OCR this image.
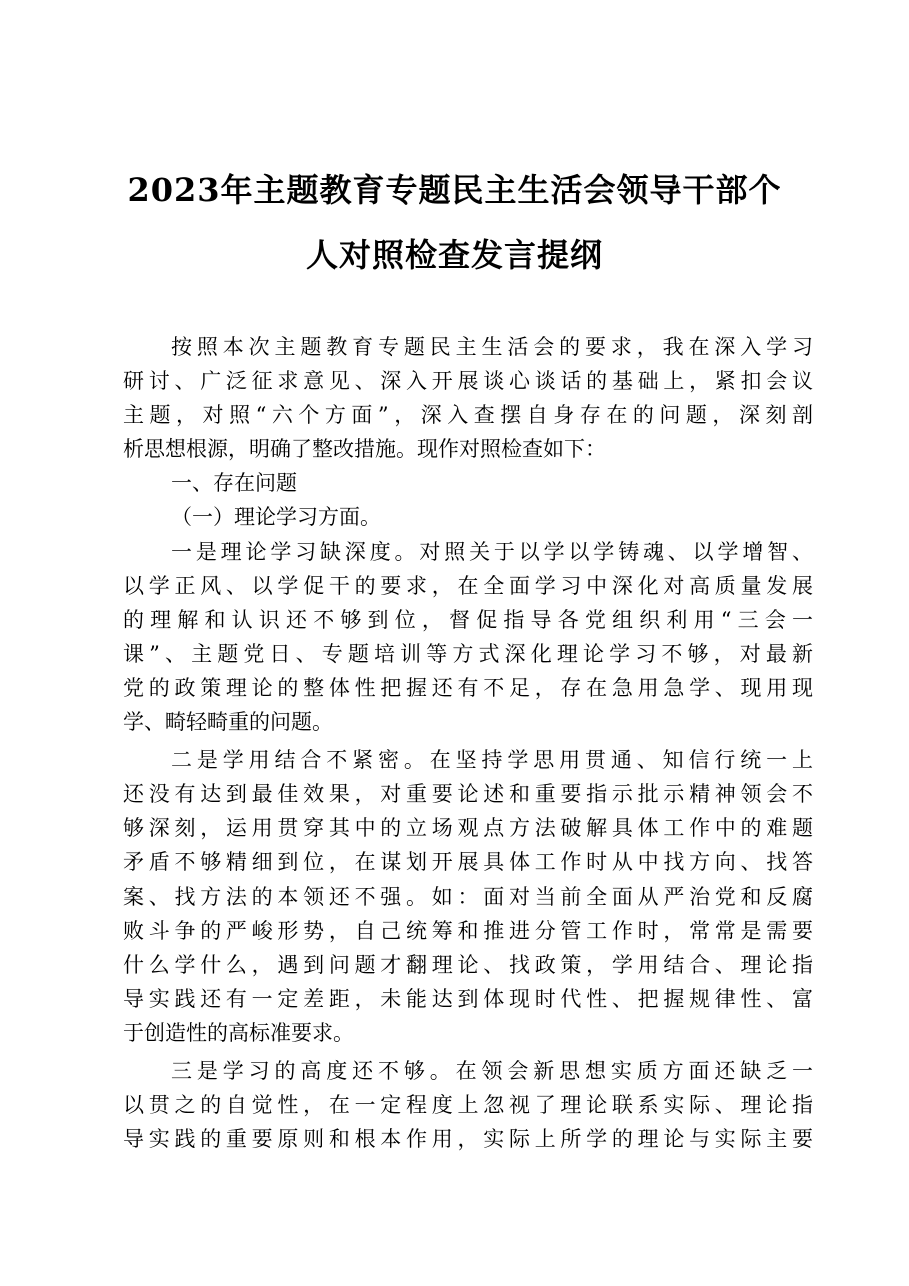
2023年主题教育专题民主生活会领导干部个
人对照检查发言提纲
按照本次主题教育专题民主生活会的要求，我在深入学习
研讨、广泛征求意见、深入开展谈心谈话的基础上，紧扣会议
主题，对照“六个方面”，深入查摆自身存在的问题，深刻剖
析思想根源，明确了整改措施。现作对照检查如下：
一、存在问题
（一）理论学习方面。
一是理论学习缺深度。对照关于以学以学铸魂、以学增智、
以学正风、以学促干的要求，在全面学习中深化对高质量发展
的理解和认识还不够到位，督促指导各党组织利用“三会一
课”、主题党日、专题培训等方式深化理论学习不够，对最新
党的政策理论的整体性把握还有不足，存在急用急学、现用现
学、畸轻畸重的问题。
二是学用结合不紧密。在坚持学思用贯通、知信行统一上
还没有达到最佳效果，对重要论述和重要指示批示精神领会不
够深刻，运用贯穿其中的立场观点方法破解具体工作中的难题
矛盾不够精细到位，在谋划开展具体工作时从中找方向、找答
案、找方法的本领还不强。如：面对当前全面从严治党和反腐
败斗争的严峻形势，自己统筹和推进分管工作时，常常是需要
什么学什么，遇到问题才翻理论、找政策，学用结合、理论指
导实践还有一定差距，未能达到体现时代性、把握规律性、富
于创造性的高标准要求。
三是学习的高度还不够。在领会新思想实质方面还缺乏一
以贯之的自觉性，在一定程度上忽视了理论联系实际、理论指
导实践的重要原则和根本作用，实际上所学的理论与实际主要
